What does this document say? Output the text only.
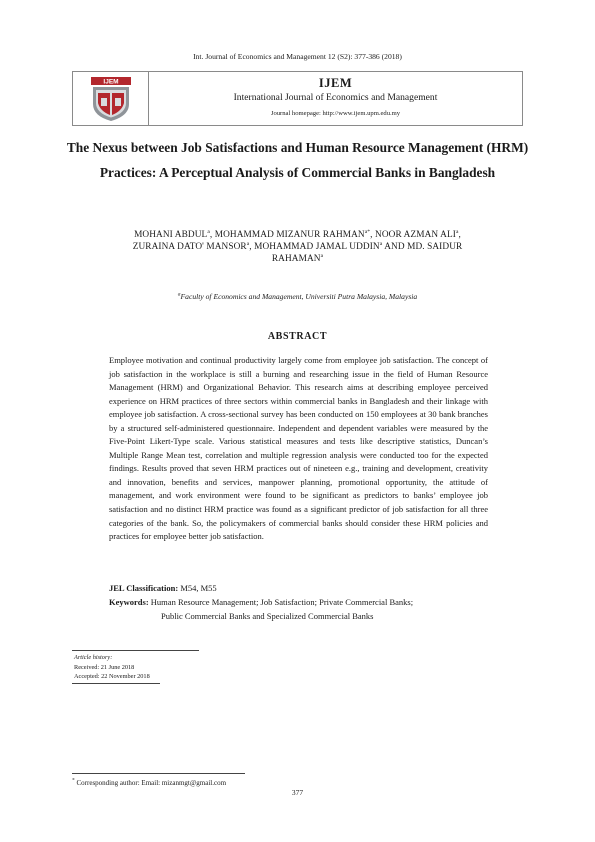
Int. Journal of Economics and Management 12 (S2): 377-386 (2018)
IJEM	IJEM
International Journal of Economics and Management
Journal homepage: http://www.ijem.upm.edu.my
The Nexus between Job Satisfactions and Human Resource Management (HRM) Practices: A Perceptual Analysis of Commercial Banks in Bangladesh
MOHANI ABDUL$^a$, MOHAMMAD MIZANUR $RAHMAN^{a*}$, NOOR AZMAN ALI$^a$,
ZURAINA DATO' MANSOR$^a$, MOHAMMAD JAMAL UDDIN$^a$ AND MD. SAIDUR
RAHAMAN$^a$
$^a$Faculty of Economics and Management, Universiti Putra Malaysia, Malaysia
ABSTRACT
Employee motivation and continual productivity largely come from employee job satisfaction. The concept of job satisfaction in the workplace is still a burning and researching issue in the field of Human Resource Management (HRM) and Organizational Behavior. This research aims at describing employee perceived experience on HRM practices of three sectors within commercial banks in Bangladesh and their linkage with employee job satisfaction. A cross-sectional survey has been conducted on 150 employees at 30 bank branches by a structured self-administered questionnaire. Independent and dependent variables were measured by the Five-Point Likert-Type scale. Various statistical measures and tests like descriptive statistics, Duncan’s Multiple Range Mean test, correlation and multiple regression analysis were conducted too for the expected findings. Results proved that seven HRM practices out of nineteen e.g., training and development, creativity and innovation, benefits and services, manpower planning, promotional opportunity, the attitude of management, and work environment were found to be significant as predictors to banks’ employee job satisfaction and no distinct HRM practice was found as a significant predictor of job satisfaction for all three categories of the bank. So, the policymakers of commercial banks should consider these HRM policies and practices for employee better job satisfaction.
JEL Classification: M54, M55
Keywords: Human Resource Management; Job Satisfaction; Private Commercial Banks;
Public Commercial Banks and Specialized Commercial Banks
Article history:
Received: 21 June 2018
Accepted: 22 November 2018
* Corresponding author: Email: mizanmgt@gmail.com
377
